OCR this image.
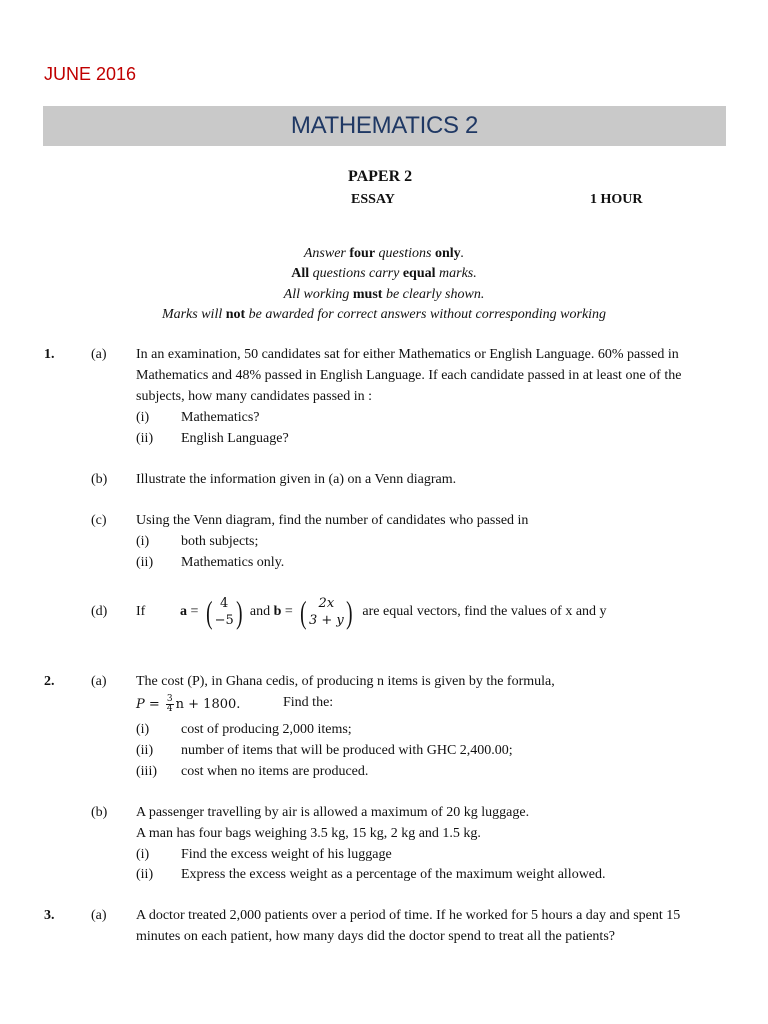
JUNE 2016
MATHEMATICS 2
PAPER 2
ESSAY	1 HOUR
Answer four questions only.
All questions carry equal marks.
All working must be clearly shown.
Marks will not be awarded for correct answers without corresponding working
1.	(a) In an examination, 50 candidates sat for either Mathematics or English Language. 60% passed in
Mathematics and 48% passed in English Language. If each candidate passed in at least one of the
subjects, how many candidates passed in :
(i) Mathematics?
(ii) English Language?
(b) Illustrate the information given in (a) on a Venn diagram.
(c) Using the Venn diagram, find the number of candidates who passed in
(i) both subjects;
(ii) Mathematics only.
(d) If a = ( 4
−5 ) and b = ( 2x
3 + y ) are equal vectors, find the values of x and y
2.	(a) The cost (P), in Ghana cedis, of producing n items is given by the formula,
$P = \frac{3}{4}$ n + 1800.	Find the:
(i) cost of producing 2,000 items;
(ii) number of items that will be produced with GHC 2,400.00;
(iii) cost when no items are produced.
(b) A passenger travelling by air is allowed a maximum of 20 kg luggage.
A man has four bags weighing 3.5 kg, 15 kg, 2 kg and 1.5 kg.
(i) Find the excess weight of his luggage
(ii) Express the excess weight as a percentage of the maximum weight allowed.
3.	(a) A doctor treated 2,000 patients over a period of time. If he worked for 5 hours a day and spent 15
minutes on each patient, how many days did the doctor spend to treat all the patients?
